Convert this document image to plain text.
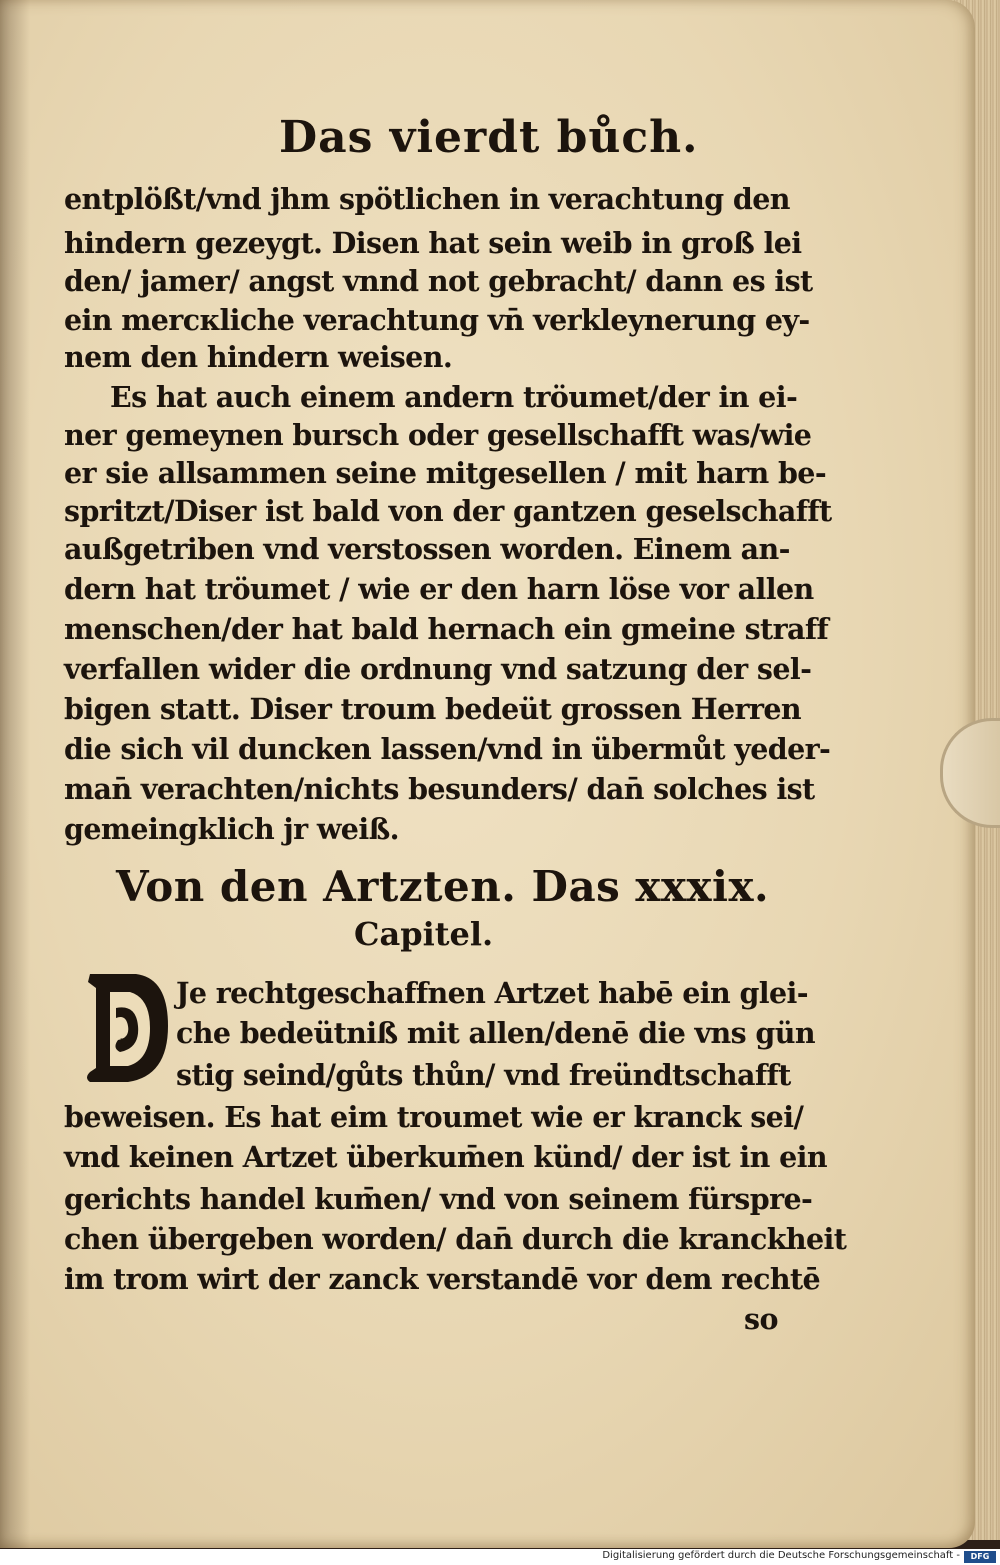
Das vierdt bůch.
entplößt/vnd jhm spötlichen in verachtung den
hindern gezeygt. Disen hat sein weib in groß lei
den/ jamer/ angst vnnd not gebracht/ dann es ist
ein mercкliche verachtung vn̄ verkleynerung ey-
nem den hindern weisen.
Es hat auch einem andern tröumet/der in ei-
ner gemeynen bursch oder gesellschafft was/wie
er sie allsammen seine mitgesellen / mit harn be-
spritzt/Diser ist bald von der gantzen geselschafft
außgetriben vnd verstossen worden. Einem an-
dern hat tröumet / wie er den harn löse vor allen
menschen/der hat bald hernach ein gmeine straff
verfallen wider die ordnung vnd satzung der sel-
bigen statt. Diser troum bedeüt grossen Herren
die sich vil duncken lassen/vnd in übermůt yeder-
man̄ verachten/nichts besunders/ dan̄ solches ist
gemeingklich jr weiß.
Von den Artzten. Das xxxix.
Capitel.
D
Je rechtgeschaffnen Artzet habē ein glei-
che bedeütniß mit allen/denē die vns gün
stig seind/gůts thůn/ vnd freündtschafft
beweisen. Es hat eim troumet wie er kranck sei/
vnd keinen Artzet überkum̄en künd/ der ist in ein
gerichts handel kum̄en/ vnd von seinem fürspre-
chen übergeben worden/ dan̄ durch die kranckheit
im trom wirt der zanck verstandē vor dem rechtē
so
Digitalisierung gefördert durch die Deutsche Forschungsgemeinschaft -	DFG
